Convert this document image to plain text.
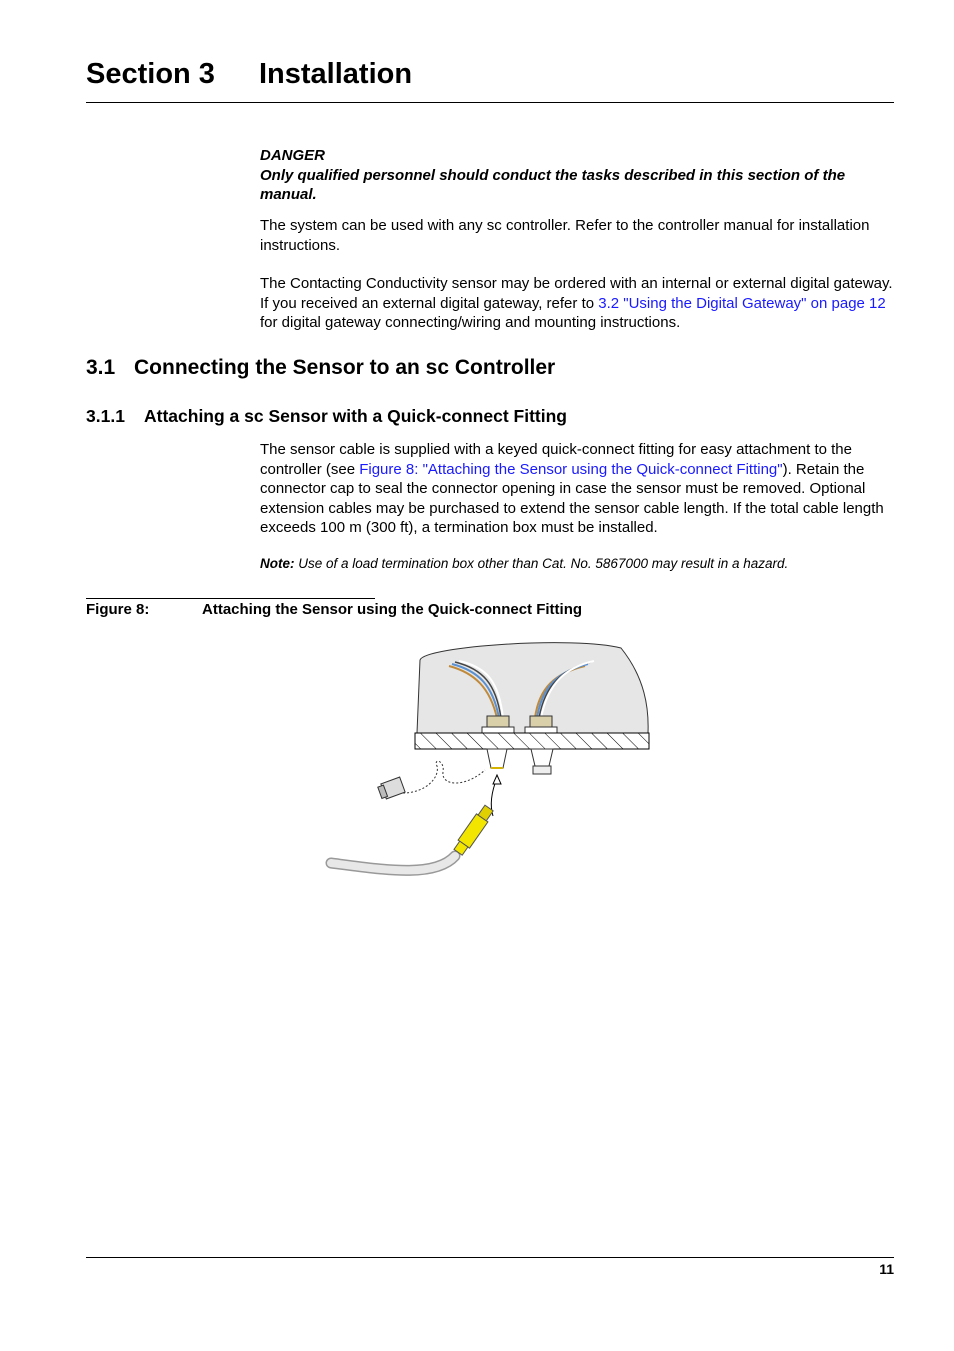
Section 3 Installation
DANGER
Only qualified personnel should conduct the tasks described in this section of the manual.
The system can be used with any sc controller. Refer to the controller manual for installation instructions.
The Contacting Conductivity sensor may be ordered with an internal or external digital gateway. If you received an external digital gateway, refer to 3.2 "Using the Digital Gateway" on page 12 for digital gateway connecting/wiring and mounting instructions.
3.1 Connecting the Sensor to an sc Controller
3.1.1 Attaching a sc Sensor with a Quick-connect Fitting
The sensor cable is supplied with a keyed quick-connect fitting for easy attachment to the controller (see Figure 8: "Attaching the Sensor using the Quick-connect Fitting"). Retain the connector cap to seal the connector opening in case the sensor must be removed. Optional extension cables may be purchased to extend the sensor cable length. If the total cable length exceeds 100 m (300 ft), a termination box must be installed.
Note: Use of a load termination box other than Cat. No. 5867000 may result in a hazard.
Figure 8:	Attaching the Sensor using the Quick-connect Fitting
11
